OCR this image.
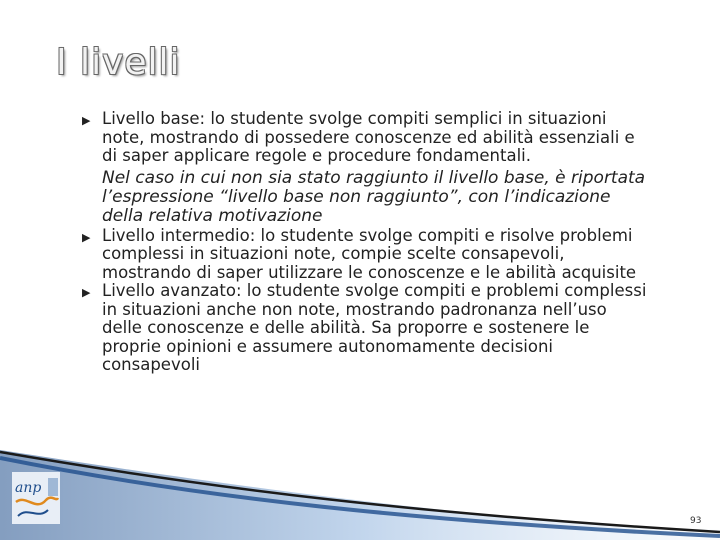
I livelli
▶ Livello base: lo studente svolge compiti semplici in situazioni note, mostrando di possedere conoscenze ed abilità essenziali e di saper applicare regole e procedure fondamentali.
Nel caso in cui non sia stato raggiunto il livello base, è riportata l’espressione “livello base non raggiunto”, con l’indicazione della relativa motivazione
▶ Livello intermedio: lo studente svolge compiti e risolve problemi complessi in situazioni note, compie scelte consapevoli, mostrando di saper utilizzare le conoscenze e le abilità acquisite
▶ Livello avanzato: lo studente svolge compiti e problemi complessi in situazioni anche non note, mostrando padronanza nell’uso delle conoscenze e delle abilità. Sa proporre e sostenere le proprie opinioni e assumere autonomamente decisioni consapevoli
anp
93
